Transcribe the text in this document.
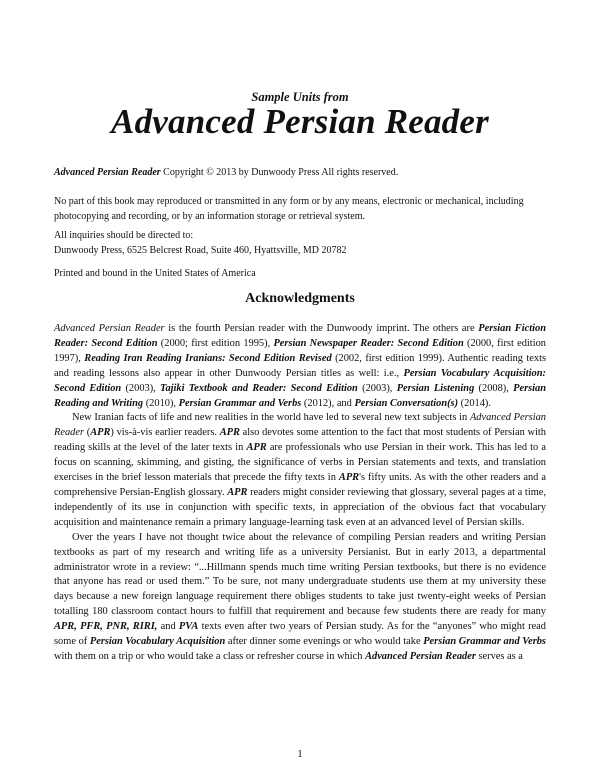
Sample Units from
Advanced Persian Reader
Advanced Persian Reader Copyright © 2013 by Dunwoody Press All rights reserved.
No part of this book may reproduced or transmitted in any form or by any means, electronic or mechanical, including photocopying and recording, or by an information storage or retrieval system.
All inquiries should be directed to:
Dunwoody Press, 6525 Belcrest Road, Suite 460, Hyattsville, MD 20782
Printed and bound in the United States of America
Acknowledgments

Advanced Persian Reader is the fourth Persian reader with the Dunwoody imprint. The others are Persian Fiction Reader: Second Edition (2000; first edition 1995), Persian Newspaper Reader: Second Edition (2000, first edition 1997), Reading Iran Reading Iranians: Second Edition Revised (2002, first edition 1999). Authentic reading texts and reading lessons also appear in other Dunwoody Persian titles as well: i.e., Persian Vocabulary Acquisition: Second Edition (2003), Tajiki Textbook and Reader: Second Edition (2003), Persian Listening (2008), Persian Reading and Writing (2010), Persian Grammar and Verbs (2012), and Persian Conversation(s) (2014).

New Iranian facts of life and new realities in the world have led to several new text subjects in Advanced Persian Reader (APR) vis-à-vis earlier readers. APR also devotes some attention to the fact that most students of Persian with reading skills at the level of the later texts in APR are professionals who use Persian in their work. This has led to a focus on scanning, skimming, and gisting, the significance of verbs in Persian statements and texts, and translation exercises in the brief lesson materials that precede the fifty texts in APR's fifty units. As with the other readers and a comprehensive Persian-English glossary. APR readers might consider reviewing that glossary, several pages at a time, independently of its use in conjunction with specific texts, in appreciation of the obvious fact that vocabulary acquisition and maintenance remain a primary language-learning task even at an advanced level of Persian skills.

Over the years I have not thought twice about the relevance of compiling Persian readers and writing Persian textbooks as part of my research and writing life as a university Persianist. But in early 2013, a departmental administrator wrote in a review: “...Hillmann spends much time writing Persian textbooks, but there is no evidence that anyone has read or used them.” To be sure, not many undergraduate students use them at my university these days because a new foreign language requirement there obliges students to take just twenty-eight weeks of Persian totalling 180 classroom contact hours to fulfill that requirement and because few students there are ready for many APR, PFR, PNR, RIRI, and PVA texts even after two years of Persian study. As for the “anyones” who might read some of Persian Vocabulary Acquisition after dinner some evenings or who would take Persian Grammar and Verbs with them on a trip or who would take a class or refresher course in which Advanced Persian Reader serves as a

1
